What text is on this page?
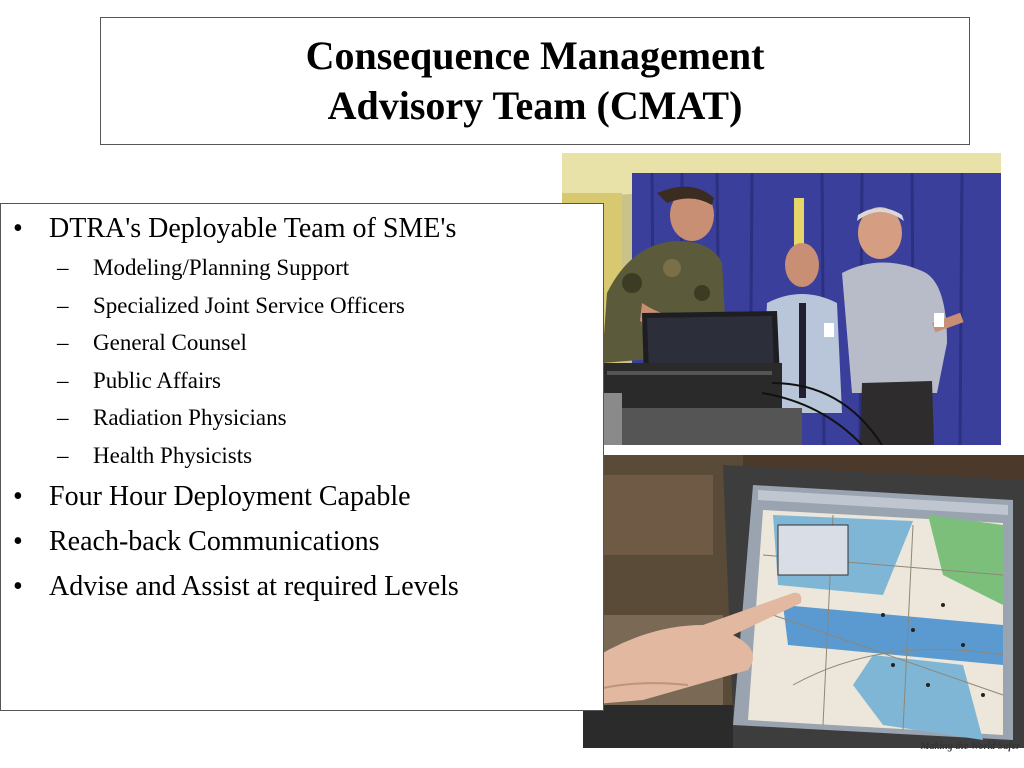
Consequence Management
Advisory Team (CMAT)
• DTRA's Deployable Team of SME's
– Modeling/Planning Support
– Specialized Joint Service Officers
– General Counsel
– Public Affairs
– Radiation Physicians
– Health Physicists
• Four Hour Deployment Capable
• Reach-back Communications
• Advise and Assist at required Levels
Making the World Safer
